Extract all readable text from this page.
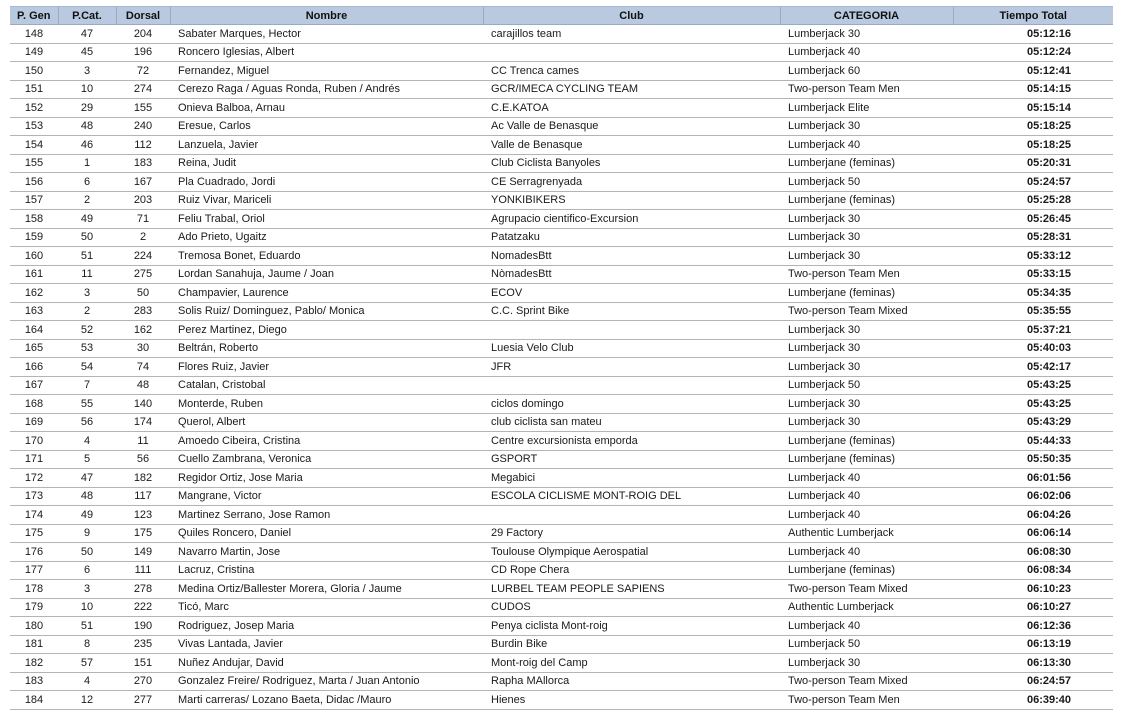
P. Gen	P.Cat.	Dorsal	Nombre	Club	CATEGORIA	Tiempo Total
148	47	204	Sabater Marques, Hector	carajillos team	Lumberjack 30	05:12:16
149	45	196	Roncero Iglesias, Albert		Lumberjack 40	05:12:24
150	3	72	Fernandez, Miguel	CC Trenca cames	Lumberjack 60	05:12:41
151	10	274	Cerezo Raga / Aguas Ronda, Ruben / Andrés	GCR/IMECA CYCLING TEAM	Two-person Team Men	05:14:15
152	29	155	Onieva Balboa, Arnau	C.E.KATOA	Lumberjack Elite	05:15:14
153	48	240	Eresue, Carlos	Ac Valle de Benasque	Lumberjack 30	05:18:25
154	46	112	Lanzuela, Javier	Valle de Benasque	Lumberjack 40	05:18:25
155	1	183	Reina, Judit	Club Ciclista Banyoles	Lumberjane (feminas)	05:20:31
156	6	167	Pla Cuadrado, Jordi	CE Serragrenyada	Lumberjack 50	05:24:57
157	2	203	Ruiz Vivar, Mariceli	YONKIBIKERS	Lumberjane (feminas)	05:25:28
158	49	71	Feliu Trabal, Oriol	Agrupacio cientifico-Excursion	Lumberjack 30	05:26:45
159	50	2	Ado Prieto, Ugaitz	Patatzaku	Lumberjack 30	05:28:31
160	51	224	Tremosa Bonet, Eduardo	NomadesBtt	Lumberjack 30	05:33:12
161	11	275	Lordan Sanahuja, Jaume / Joan	NòmadesBtt	Two-person Team Men	05:33:15
162	3	50	Champavier, Laurence	ECOV	Lumberjane (feminas)	05:34:35
163	2	283	Solis Ruiz/ Dominguez, Pablo/ Monica	C.C. Sprint Bike	Two-person Team Mixed	05:35:55
164	52	162	Perez Martinez, Diego		Lumberjack 30	05:37:21
165	53	30	Beltrán, Roberto	Luesia Velo Club	Lumberjack 30	05:40:03
166	54	74	Flores Ruiz, Javier	JFR	Lumberjack 30	05:42:17
167	7	48	Catalan, Cristobal		Lumberjack 50	05:43:25
168	55	140	Monterde, Ruben	ciclos domingo	Lumberjack 30	05:43:25
169	56	174	Querol, Albert	club ciclista san mateu	Lumberjack 30	05:43:29
170	4	11	Amoedo Cibeira, Cristina	Centre excursionista emporda	Lumberjane (feminas)	05:44:33
171	5	56	Cuello Zambrana, Veronica	GSPORT	Lumberjane (feminas)	05:50:35
172	47	182	Regidor Ortiz, Jose Maria	Megabici	Lumberjack 40	06:01:56
173	48	117	Mangrane, Victor	ESCOLA CICLISME MONT-ROIG DEL	Lumberjack 40	06:02:06
174	49	123	Martinez Serrano, Jose Ramon		Lumberjack 40	06:04:26
175	9	175	Quiles Roncero, Daniel	29 Factory	Authentic Lumberjack	06:06:14
176	50	149	Navarro Martin, Jose	Toulouse Olympique Aerospatial	Lumberjack 40	06:08:30
177	6	111	Lacruz, Cristina	CD Rope Chera	Lumberjane (feminas)	06:08:34
178	3	278	Medina Ortiz/Ballester Morera, Gloria / Jaume	LURBEL TEAM PEOPLE SAPIENS	Two-person Team Mixed	06:10:23
179	10	222	Ticó, Marc	CUDOS	Authentic Lumberjack	06:10:27
180	51	190	Rodriguez, Josep Maria	Penya ciclista Mont-roig	Lumberjack 40	06:12:36
181	8	235	Vivas Lantada, Javier	Burdin Bike	Lumberjack 50	06:13:19
182	57	151	Nuñez Andujar, David	Mont-roig del Camp	Lumberjack 30	06:13:30
183	4	270	Gonzalez Freire/ Rodriguez, Marta / Juan Antonio	Rapha MAllorca	Two-person Team Mixed	06:24:57
184	12	277	Marti carreras/ Lozano Baeta, Didac /Mauro	Hienes	Two-person Team Men	06:39:40
